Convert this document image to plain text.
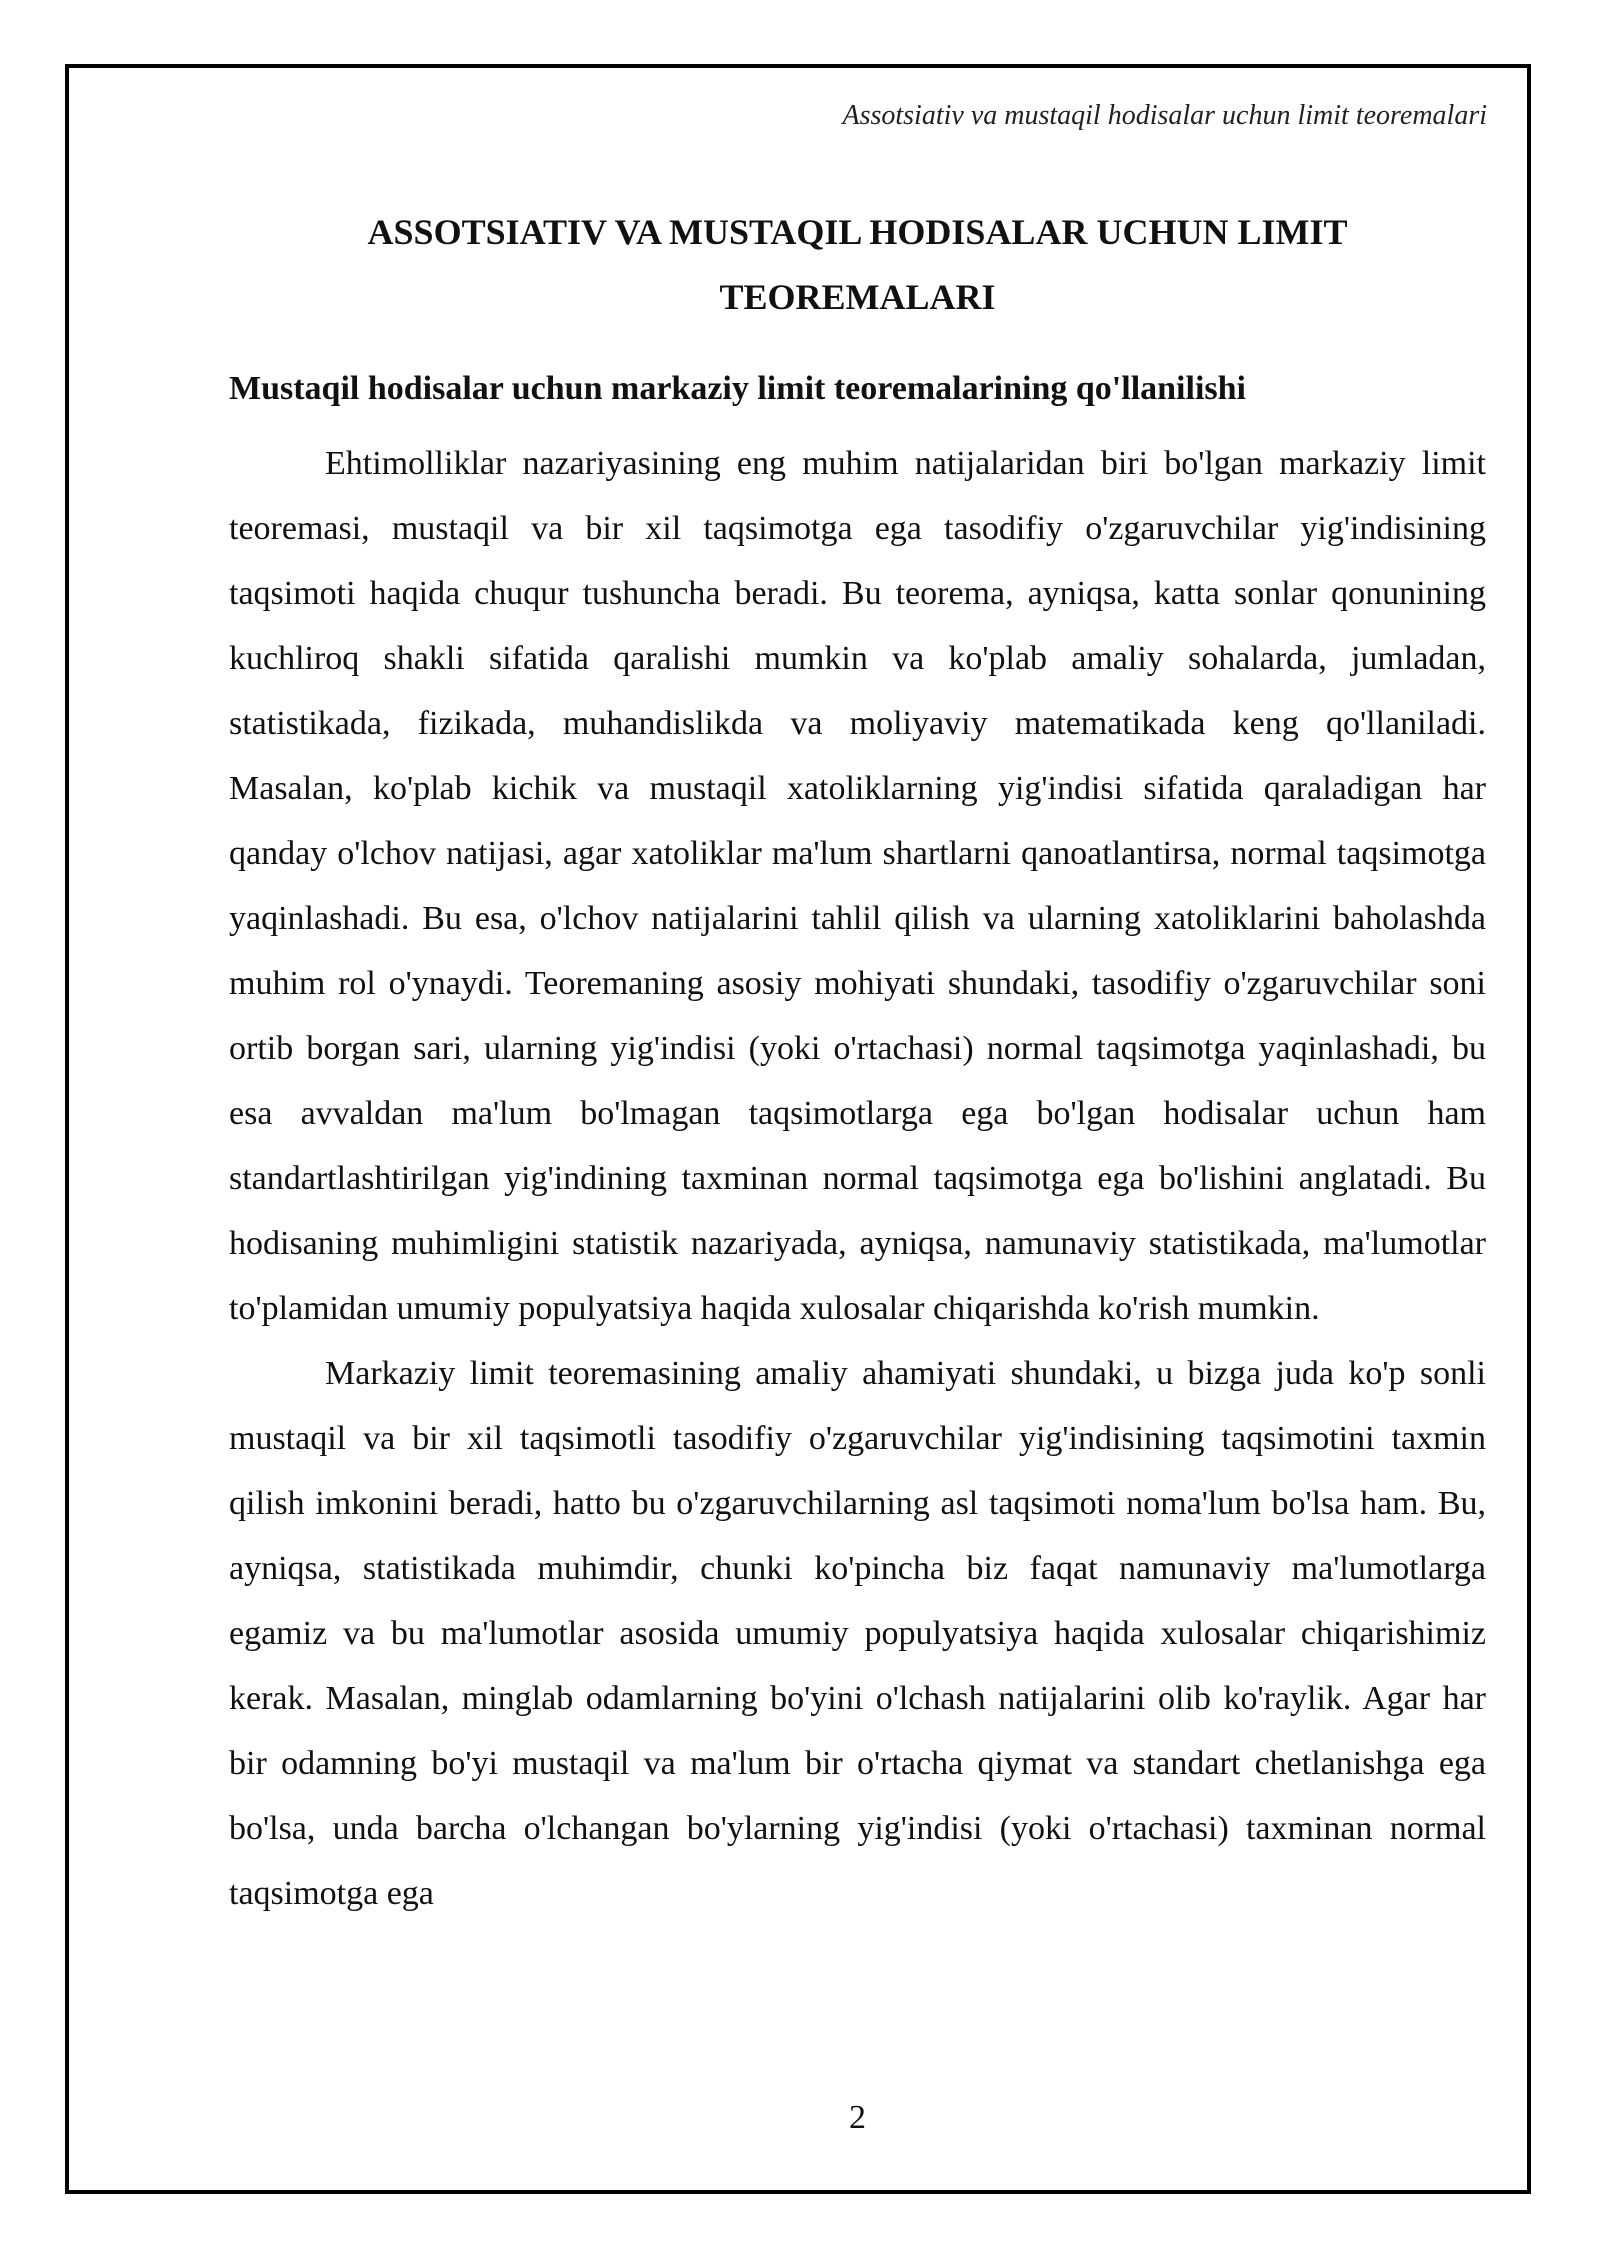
Assotsiativ va mustaqil hodisalar uchun limit teoremalari
ASSOTSIATIV VA MUSTAQIL HODISALAR UCHUN LIMIT TEOREMALARI
Mustaqil hodisalar uchun markaziy limit teoremalarining qo'llanilishi

Ehtimolliklar nazariyasining eng muhim natijalaridan biri bo'lgan markaziy limit teoremasi, mustaqil va bir xil taqsimotga ega tasodifiy o'zgaruvchilar yig'indisining taqsimoti haqida chuqur tushuncha beradi. Bu teorema, ayniqsa, katta sonlar qonunining kuchliroq shakli sifatida qaralishi mumkin va ko'plab amaliy sohalarda, jumladan, statistikada, fizikada, muhandislikda va moliyaviy matematikada keng qo'llaniladi. Masalan, ko'plab kichik va mustaqil xatoliklarning yig'indisi sifatida qaraladigan har qanday o'lchov natijasi, agar xatoliklar ma'lum shartlarni qanoatlantirsa, normal taqsimotga yaqinlashadi. Bu esa, o'lchov natijalarini tahlil qilish va ularning xatoliklarini baholashda muhim rol o'ynaydi. Teoremaning asosiy mohiyati shundaki, tasodifiy o'zgaruvchilar soni ortib borgan sari, ularning yig'indisi (yoki o'rtachasi) normal taqsimotga yaqinlashadi, bu esa avvaldan ma'lum bo'lmagan taqsimotlarga ega bo'lgan hodisalar uchun ham standartlashtirilgan yig'indining taxminan normal taqsimotga ega bo'lishini anglatadi. Bu hodisaning muhimligini statistik nazariyada, ayniqsa, namunaviy statistikada, ma'lumotlar to'plamidan umumiy populyatsiya haqida xulosalar chiqarishda ko'rish mumkin.

Markaziy limit teoremasining amaliy ahamiyati shundaki, u bizga juda ko'p sonli mustaqil va bir xil taqsimotli tasodifiy o'zgaruvchilar yig'indisining taqsimotini taxmin qilish imkonini beradi, hatto bu o'zgaruvchilarning asl taqsimoti noma'lum bo'lsa ham. Bu, ayniqsa, statistikada muhimdir, chunki ko'pincha biz faqat namunaviy ma'lumotlarga egamiz va bu ma'lumotlar asosida umumiy populyatsiya haqida xulosalar chiqarishimiz kerak. Masalan, minglab odamlarning bo'yini o'lchash natijalarini olib ko'raylik. Agar har bir odamning bo'yi mustaqil va ma'lum bir o'rtacha qiymat va standart chetlanishga ega bo'lsa, unda barcha o'lchangan bo'ylarning yig'indisi (yoki o'rtachasi) taxminan normal taqsimotga ega

2
